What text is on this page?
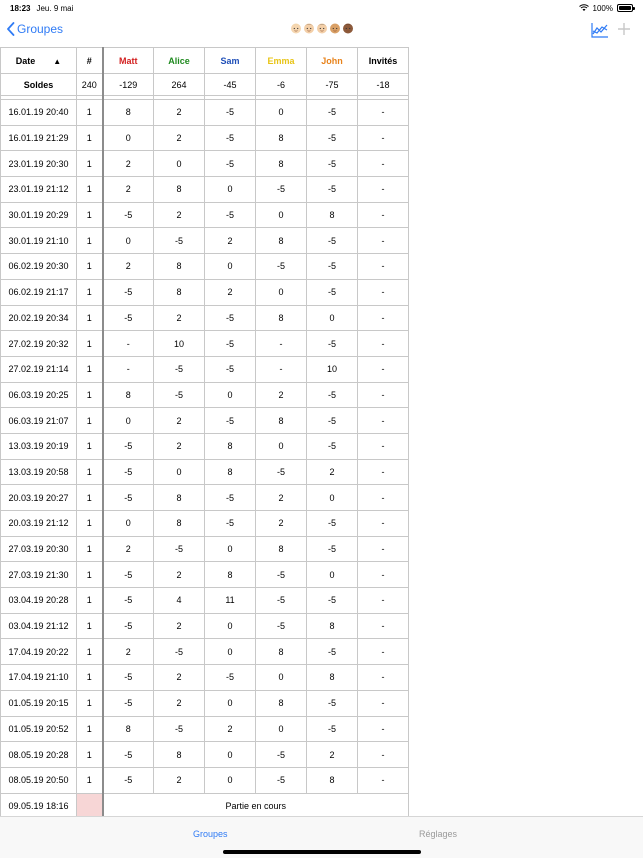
18:23 Jeu. 9 mai	100%
Groupes
Date ▲	#	Matt	Alice	Sam	Emma	John	Invités
Soldes	240	-129	264	-45	-6	-75	-18

16.01.19 20:40	1	8	2	-5	0	-5	-
16.01.19 21:29	1	0	2	-5	8	-5	-
23.01.19 20:30	1	2	0	-5	8	-5	-
23.01.19 21:12	1	2	8	0	-5	-5	-
30.01.19 20:29	1	-5	2	-5	0	8	-
30.01.19 21:10	1	0	-5	2	8	-5	-
06.02.19 20:30	1	2	8	0	-5	-5	-
06.02.19 21:17	1	-5	8	2	0	-5	-
20.02.19 20:34	1	-5	2	-5	8	0	-
27.02.19 20:32	1	-	10	-5	-	-5	-
27.02.19 21:14	1	-	-5	-5	-	10	-
06.03.19 20:25	1	8	-5	0	2	-5	-
06.03.19 21:07	1	0	2	-5	8	-5	-
13.03.19 20:19	1	-5	2	8	0	-5	-
13.03.19 20:58	1	-5	0	8	-5	2	-
20.03.19 20:27	1	-5	8	-5	2	0	-
20.03.19 21:12	1	0	8	-5	2	-5	-
27.03.19 20:30	1	2	-5	0	8	-5	-
27.03.19 21:30	1	-5	2	8	-5	0	-
03.04.19 20:28	1	-5	4	11	-5	-5	-
03.04.19 21:12	1	-5	2	0	-5	8	-
17.04.19 20:22	1	2	-5	0	8	-5	-
17.04.19 21:10	1	-5	2	-5	0	8	-
01.05.19 20:15	1	-5	2	0	8	-5	-
01.05.19 20:52	1	8	-5	2	0	-5	-
08.05.19 20:28	1	-5	8	0	-5	2	-
08.05.19 20:50	1	-5	2	0	-5	8	-
09.05.19 18:16		Partie en cours					
Groupes	Réglages
